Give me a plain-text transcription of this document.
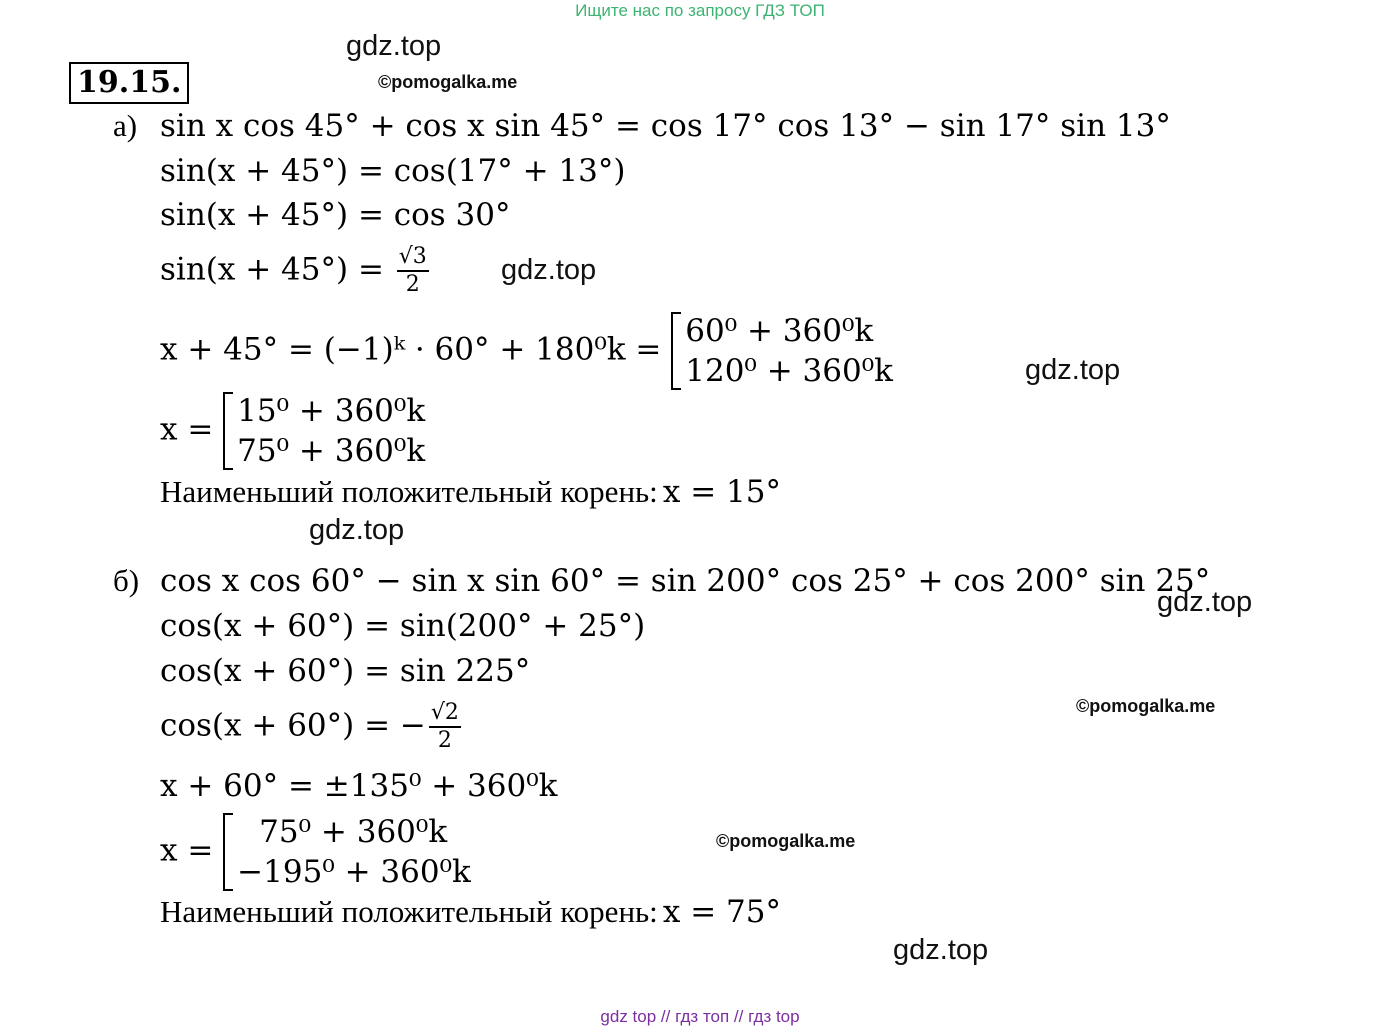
Ищите нас по запросу ГДЗ ТОП
gdz.top
gdz.top
gdz.top
gdz.top
gdz.top
gdz.top
©pomogalka.me
©pomogalka.me
©pomogalka.me
19.15.
а) sin x cos 45° + cos x sin 45° = cos 17° cos 13° − sin 17° sin 13°
sin(x + 45°) = cos(17° + 13°)
sin(x + 45°) = cos 30°
$\sin(x + 45^\circ) = \frac{√3}{2}$
x + 45° = (−1)ᵏ · 60° + 180⁰k =
60⁰ + 360⁰k
120⁰ + 360⁰k
x =
15⁰ + 360⁰k
75⁰ + 360⁰k
Наименьший положительный корень: x = 15°
б) cos x cos 60° − sin x sin 60° = sin 200° cos 25° + cos 200° sin 25°
cos(x + 60°) = sin(200° + 25°)
cos(x + 60°) = sin 225°
cos(x + 60°) = − $\frac{√2}{2}$
x + 60° = ±135⁰ + 360⁰k
x =
75⁰ + 360⁰k
−195⁰ + 360⁰k
Наименьший положительный корень: x = 75°
gdz top // гдз топ // гдз top
